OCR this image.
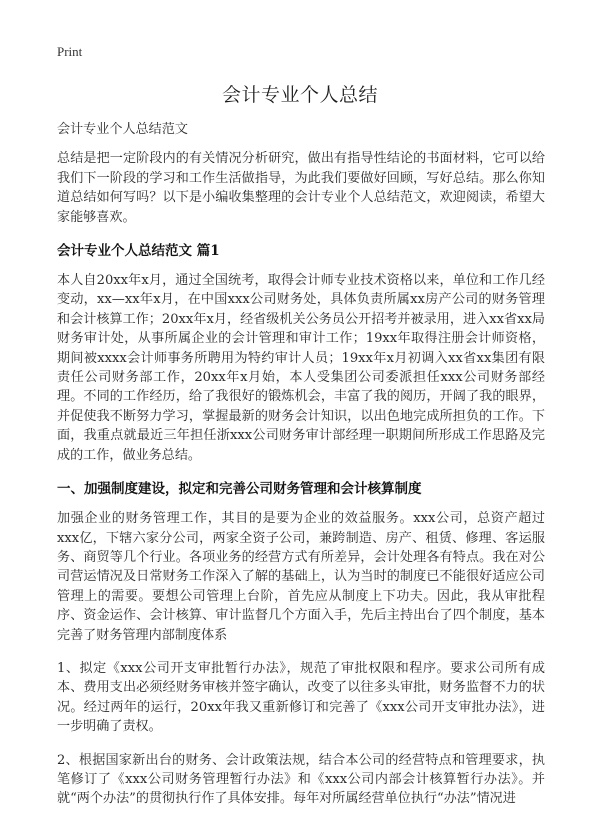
Print
会计专业个人总结

会计专业个人总结范文

总结是把一定阶段内的有关情况分析研究，做出有指导性结论的书面材料，它可以给我们下一阶段的学习和工作生活做指导，为此我们要做好回顾，写好总结。那么你知道总结如何写吗？以下是小编收集整理的会计专业个人总结范文，欢迎阅读，希望大家能够喜欢。

会计专业个人总结范文 篇1

本人自20xx年x月，通过全国统考，取得会计师专业技术资格以来，单位和工作几经变动，xx—xx年x月，在中国xxx公司财务处，具体负责所属xx房产公司的财务管理和会计核算工作；20xx年x月，经省级机关公务员公开招考并被录用，进入xx省xx局财务审计处，从事所属企业的会计管理和审计工作；19xx年取得注册会计师资格，期间被xxxx会计师事务所聘用为特约审计人员；19xx年x月初调入xx省xx集团有限责任公司财务部工作，20xx年x月始，本人受集团公司委派担任xxx公司财务部经理。不同的工作经历，给了我很好的锻炼机会，丰富了我的阅历，开阔了我的眼界，并促使我不断努力学习，掌握最新的财务会计知识，以出色地完成所担负的工作。下面，我重点就最近三年担任浙xxx公司财务审计部经理一职期间所形成工作思路及完成的工作，做业务总结。

一、加强制度建设，拟定和完善公司财务管理和会计核算制度

加强企业的财务管理工作，其目的是要为企业的效益服务。xxx公司，总资产超过xxx亿，下辖六家分公司，两家全资子公司，兼跨制造、房产、租赁、修理、客运服务、商贸等几个行业。各项业务的经营方式有所差异，会计处理各有特点。我在对公司营运情况及日常财务工作深入了解的基础上，认为当时的制度已不能很好适应公司管理上的需要。要想公司管理上台阶，首先应从制度上下功夫。因此，我从审批程序、资金运作、会计核算、审计监督几个方面入手，先后主持出台了四个制度，基本完善了财务管理内部制度体系

1、拟定《xxx公司开支审批暂行办法》，规范了审批权限和程序。要求公司所有成本、费用支出必须经财务审核并签字确认，改变了以往多头审批，财务监督不力的状况。经过两年的运行，20xx年我又重新修订和完善了《xxx公司开支审批办法》，进一步明确了责权。

2、根据国家新出台的财务、会计政策法规，结合本公司的经营特点和管理要求，执笔修订了《xxx公司财务管理暂行办法》和《xxx公司内部会计核算暂行办法》。并就“两个办法”的贯彻执行作了具体安排。每年对所属经营单位执行“办法”情况进
